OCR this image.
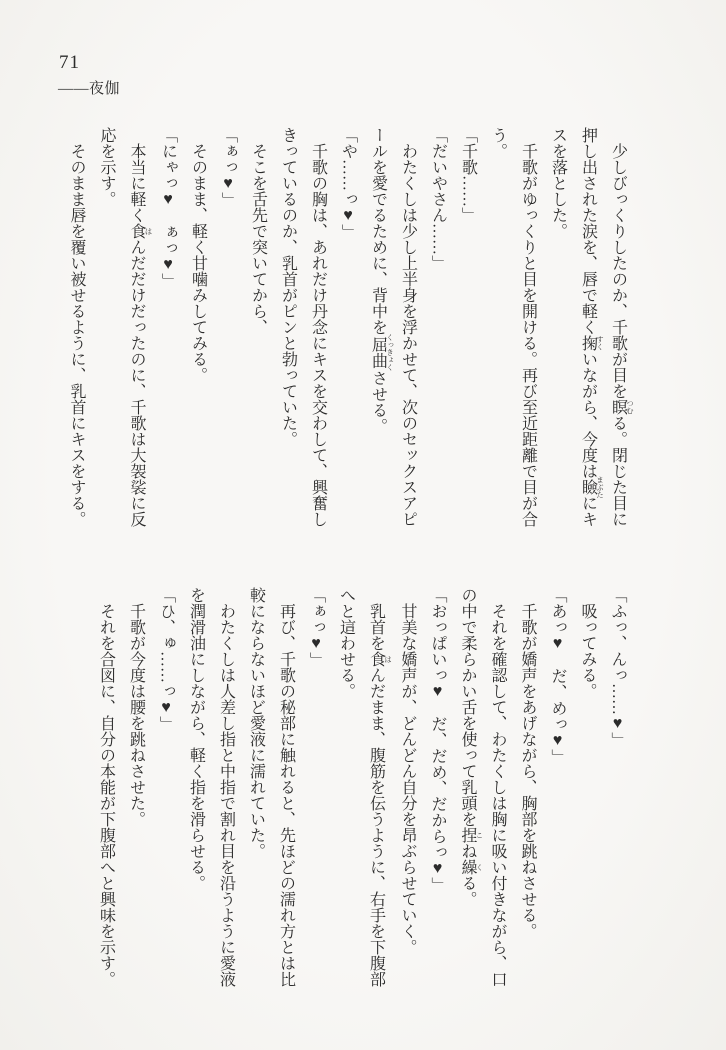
71
――夜伽

少しびっくりしたのか、千歌が目を瞑 つむる。閉じた目に押し出された涙を、唇で軽く掬 すくいながら、今度は瞼 まぶたにキスを落とした。

千歌がゆっくりと目を開ける。再び至近距離で目が合う。

「千歌……」

「だいやさん……」

わたくしは少し上半身を浮かせて、次のセックスアピールを愛でるために、背中を屈曲 くっきょくさせる。

「や……っ♥」

千歌の胸は、あれだけ丹念にキスを交わして、興奮しきっているのか、乳首がピンと勃っていた。

そこを舌先で突いてから、

「ぁっ♥」

そのまま、軽く甘噛みしてみる。

「にゃっ♥　ぁっ♥」

本当に軽く食 はんだだけだったのに、千歌は大袈裟に反応を示す。

そのまま唇を覆い被せるように、乳首にキスをする。

「ふっ、んっ……♥」

吸ってみる。

「あっ♥　だ、めっ♥」

千歌が嬌声をあげながら、胸部を跳ねさせる。

それを確認して、わたくしは胸に吸い付きながら、口の中で柔らかい舌を使って乳頭を捏 こね繰 くる。

「おっぱいっ♥　だ、だめ、だからっ♥」

甘美な嬌声が、どんどん自分を昂ぶらせていく。

乳首を食 はんだまま、腹筋を伝うように、右手を下腹部へと這わせる。

「ぁっ♥」

再び、千歌の秘部に触れると、先ほどの濡れ方とは比較にならないほど愛液に濡れていた。

わたくしは人差し指と中指で割れ目を沿うように愛液を潤滑油にしながら、軽く指を滑らせる。

「ひ、ゅ……っ♥」

千歌が今度は腰を跳ねさせた。

それを合図に、自分の本能が下腹部へと興味を示す。
